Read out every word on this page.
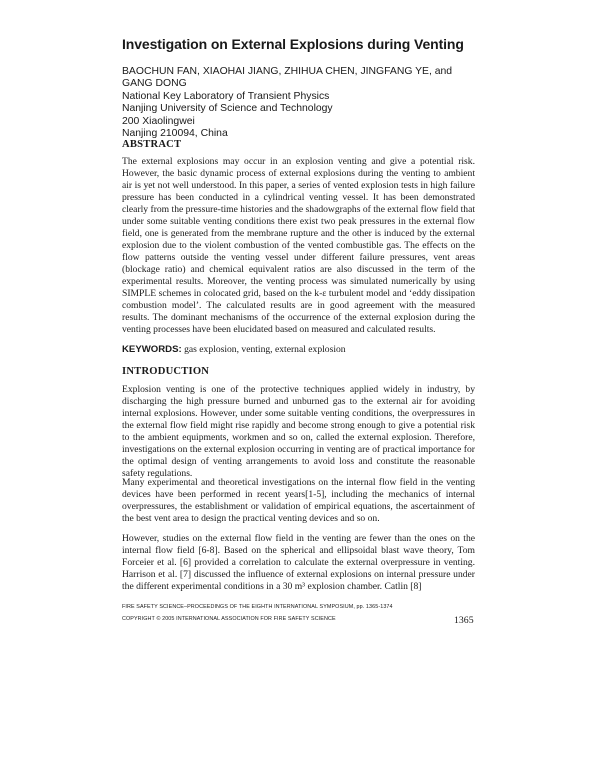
Investigation on External Explosions during Venting
BAOCHUN FAN, XIAOHAI JIANG, ZHIHUA CHEN, JINGFANG YE, and
GANG DONG
National Key Laboratory of Transient Physics
Nanjing University of Science and Technology
200 Xiaolingwei
Nanjing 210094, China
ABSTRACT

The external explosions may occur in an explosion venting and give a potential risk. However, the basic dynamic process of external explosions during the venting to ambient air is yet not well understood. In this paper, a series of vented explosion tests in high failure pressure has been conducted in a cylindrical venting vessel. It has been demonstrated clearly from the pressure-time histories and the shadowgraphs of the external flow field that under some suitable venting conditions there exist two peak pressures in the external flow field, one is generated from the membrane rupture and the other is induced by the external explosion due to the violent combustion of the vented combustible gas. The effects on the flow patterns outside the venting vessel under different failure pressures, vent areas (blockage ratio) and chemical equivalent ratios are also discussed in the term of the experimental results. Moreover, the venting process was simulated numerically by using SIMPLE schemes in colocated grid, based on the k-ε turbulent model and ‘eddy dissipation combustion model’. The calculated results are in good agreement with the measured results. The dominant mechanisms of the occurrence of the external explosion during the venting processes have been elucidated based on measured and calculated results.

KEYWORDS: gas explosion, venting, external explosion
INTRODUCTION

Explosion venting is one of the protective techniques applied widely in industry, by discharging the high pressure burned and unburned gas to the external air for avoiding internal explosions. However, under some suitable venting conditions, the overpressures in the external flow field might rise rapidly and become strong enough to give a potential risk to the ambient equipments, workmen and so on, called the external explosion. Therefore, investigations on the external explosion occurring in venting are of practical importance for the optimal design of venting arrangements to avoid loss and constitute the reasonable safety regulations.

Many experimental and theoretical investigations on the internal flow field in the venting devices have been performed in recent years[1-5], including the mechanics of internal overpressures, the establishment or validation of empirical equations, the ascertainment of the best vent area to design the practical venting devices and so on.

However, studies on the external flow field in the venting are fewer than the ones on the internal flow field [6-8]. Based on the spherical and ellipsoidal blast wave theory, Tom Forceier et al. [6] provided a correlation to calculate the external overpressure in venting. Harrison et al. [7] discussed the influence of external explosions on internal pressure under the different experimental conditions in a 30 m³ explosion chamber. Catlin [8]

FIRE SAFETY SCIENCE–PROCEEDINGS OF THE EIGHTH INTERNATIONAL SYMPOSIUM, pp. 1365-1374
COPYRIGHT © 2005 INTERNATIONAL ASSOCIATION FOR FIRE SAFETY SCIENCE	1365
